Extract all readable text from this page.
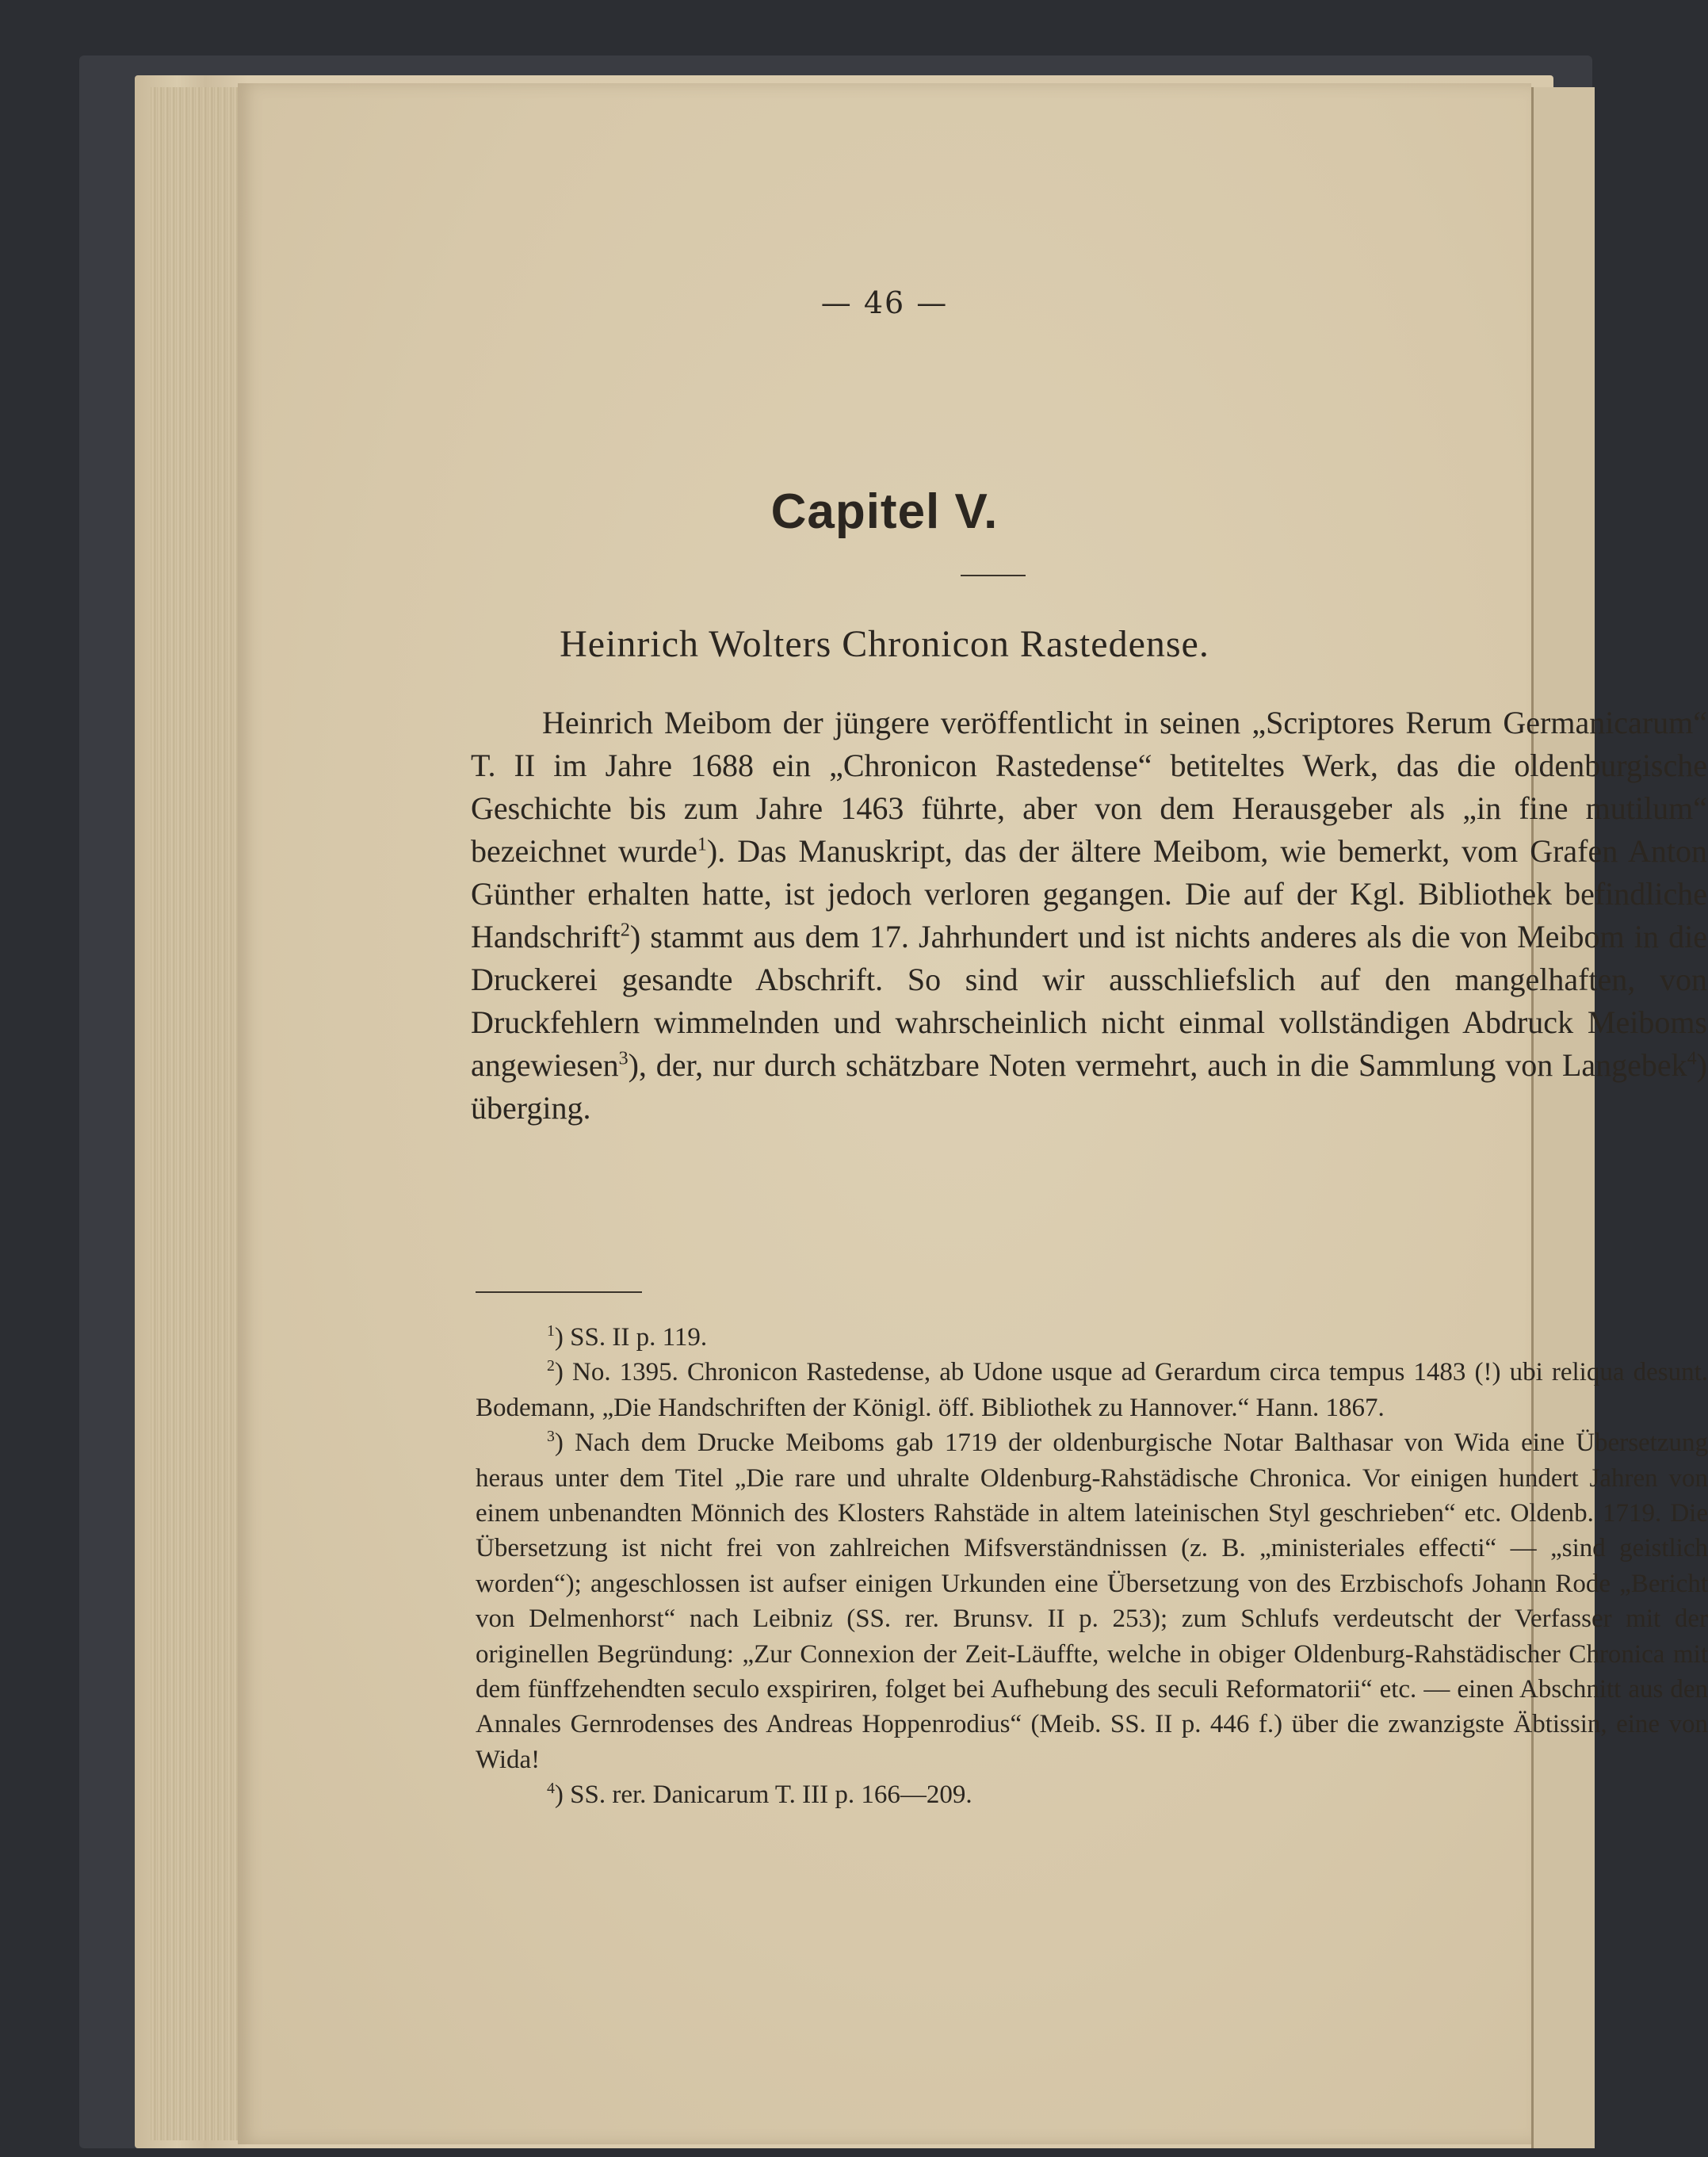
— 46 —
Capitel V.
Heinrich Wolters Chronicon Rastedense.

Heinrich Meibom der jüngere veröffentlicht in seinen „Scriptores Rerum Germanicarum“ T. II im Jahre 1688 ein „Chronicon Rastedense“ betiteltes Werk, das die oldenburgische Geschichte bis zum Jahre 1463 führte, aber von dem Herausgeber als „in fine mutilum“ bezeichnet wurde$^1$). Das Manuskript, das der ältere Meibom, wie bemerkt, vom Grafen Anton Günther erhalten hatte, ist jedoch verloren gegangen. Die auf der Kgl. Bibliothek befindliche Handschrift$^2$) stammt aus dem 17. Jahrhundert und ist nichts anderes als die von Meibom in die Druckerei gesandte Abschrift. So sind wir ausschliefslich auf den mangelhaften, von Druckfehlern wimmelnden und wahrscheinlich nicht einmal vollständigen Abdruck Meiboms angewiesen$^3$), der, nur durch schätzbare Noten vermehrt, auch in die Sammlung von Langebek$^4$) überging.

$^1$) SS. II p. 119.

$^2$) No. 1395. Chronicon Rastedense, ab Udone usque ad Gerardum circa tempus 1483 (!) ubi reliqua desunt. Bodemann, „Die Handschriften der Königl. öff. Bibliothek zu Hannover.“ Hann. 1867.

$^3$) Nach dem Drucke Meiboms gab 1719 der oldenburgische Notar Balthasar von Wida eine Übersetzung heraus unter dem Titel „Die rare und uhralte Oldenburg-Rahstädische Chronica. Vor einigen hundert Jahren von einem unbenandten Mönnich des Klosters Rahstäde in altem lateinischen Styl geschrieben“ etc. Oldenb. 1719. Die Übersetzung ist nicht frei von zahlreichen Mifsverständnissen (z. B. „ministeriales effecti“ — „sind geistlich worden“); angeschlossen ist aufser einigen Urkunden eine Übersetzung von des Erzbischofs Johann Rode „Bericht von Delmenhorst“ nach Leibniz (SS. rer. Brunsv. II p. 253); zum Schlufs verdeutscht der Verfasser mit der originellen Begründung: „Zur Connexion der Zeit-Läuffte, welche in obiger Oldenburg-Rahstädischer Chronica mit dem fünffzehendten seculo exspiriren, folget bei Aufhebung des seculi Reformatorii“ etc. — einen Abschnitt aus den Annales Gernrodenses des Andreas Hoppenrodius“ (Meib. SS. II p. 446 f.) über die zwanzigste Äbtissin, eine von Wida!

$^4$) SS. rer. Danicarum T. III p. 166—209.
